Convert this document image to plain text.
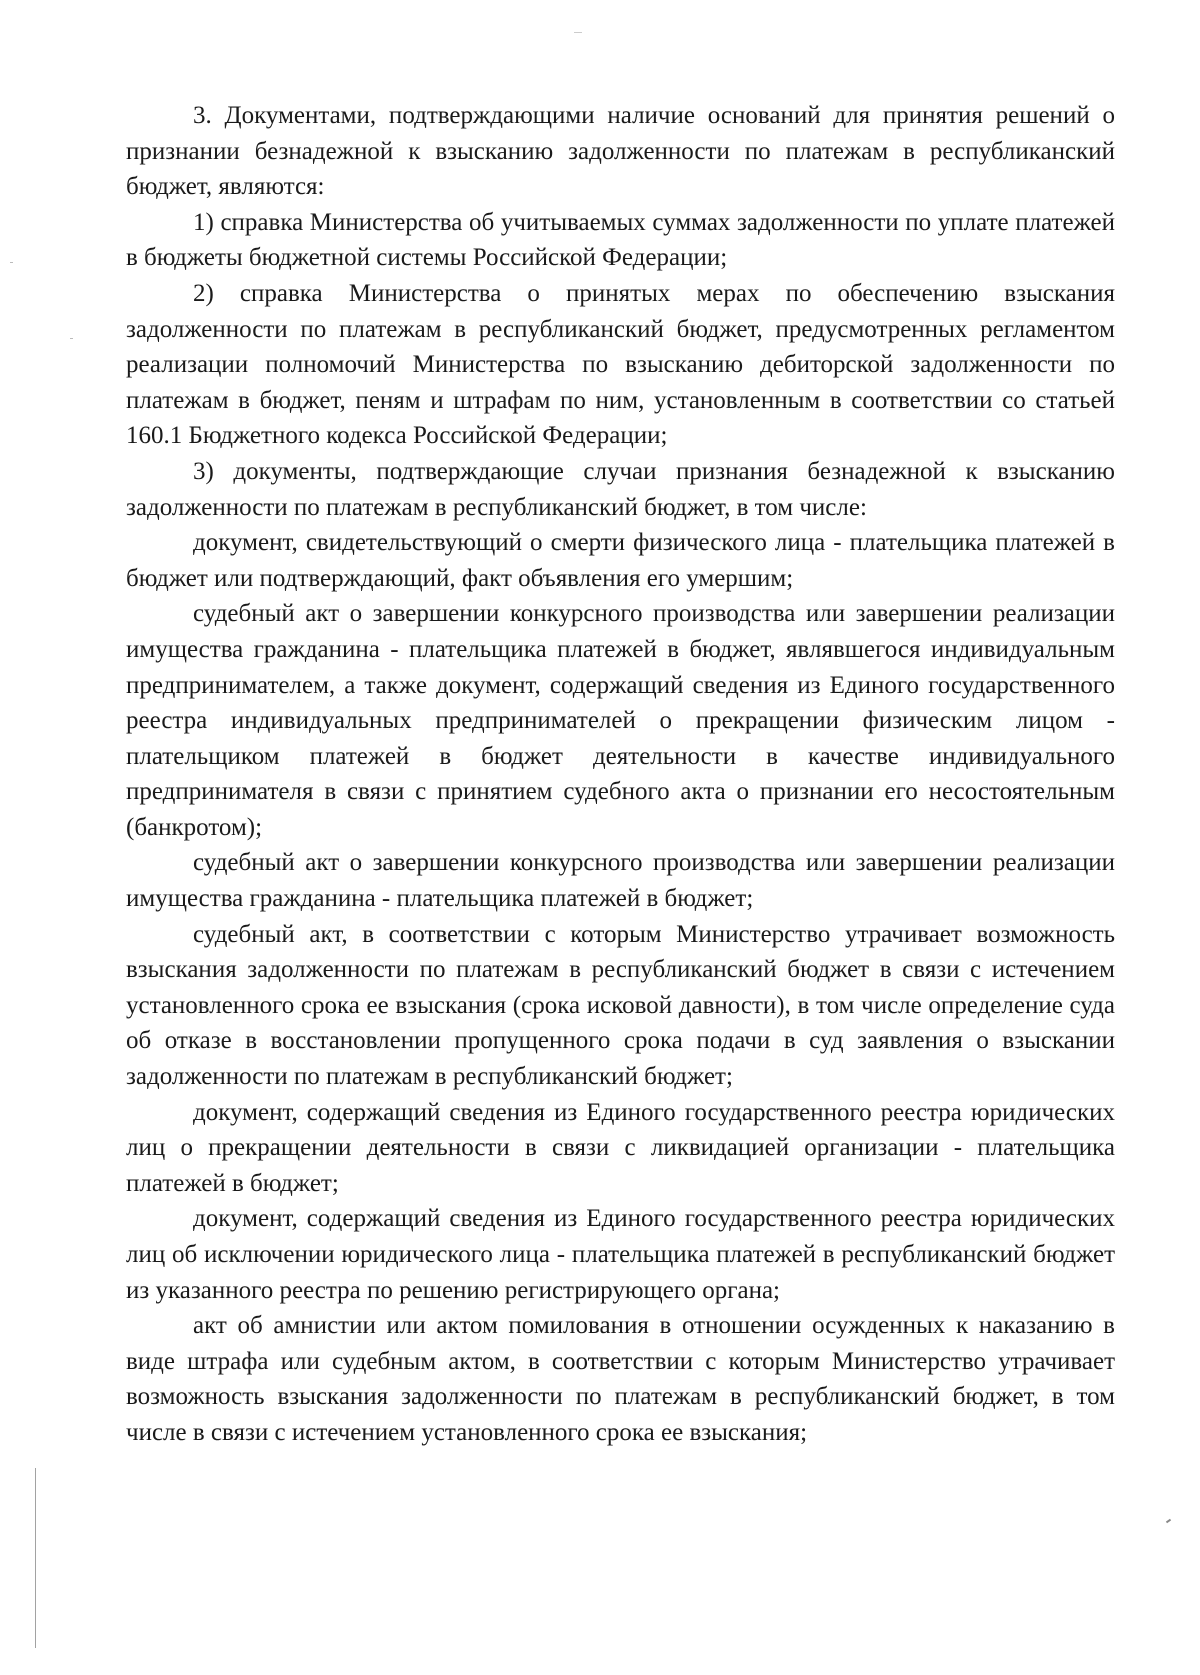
3. Документами, подтверждающими наличие оснований для принятия решений о признании безнадежной к взысканию задолженности по платежам в республиканский бюджет, являются:

1) справка Министерства об учитываемых суммах задолженности по уплате платежей в бюджеты бюджетной системы Российской Федерации;

2) справка Министерства о принятых мерах по обеспечению взыскания задолженности по платежам в республиканский бюджет, предусмотренных регламентом реализации полномочий Министерства по взысканию дебиторской задолженности по платежам в бюджет, пеням и штрафам по ним, установленным в соответствии со статьей 160.1 Бюджетного кодекса Российской Федерации;

3) документы, подтверждающие случаи признания безнадежной к взысканию задолженности по платежам в республиканский бюджет, в том числе:

документ, свидетельствующий о смерти физического лица - плательщика платежей в бюджет или подтверждающий, факт объявления его умершим;

судебный акт о завершении конкурсного производства или завершении реализации имущества гражданина - плательщика платежей в бюджет, являвшегося индивидуальным предпринимателем, а также документ, содержащий сведения из Единого государственного реестра индивидуальных предпринимателей о прекращении физическим лицом - плательщиком платежей в бюджет деятельности в качестве индивидуального предпринимателя в связи с принятием судебного акта о признании его несостоятельным (банкротом);

судебный акт о завершении конкурсного производства или завершении реализации имущества гражданина - плательщика платежей в бюджет;

судебный акт, в соответствии с которым Министерство утрачивает возможность взыскания задолженности по платежам в республиканский бюджет в связи с истечением установленного срока ее взыскания (срока исковой давности), в том числе определение суда об отказе в восстановлении пропущенного срока подачи в суд заявления о взыскании задолженности по платежам в республиканский бюджет;

документ, содержащий сведения из Единого государственного реестра юридических лиц о прекращении деятельности в связи с ликвидацией организации - плательщика платежей в бюджет;

документ, содержащий сведения из Единого государственного реестра юридических лиц об исключении юридического лица - плательщика платежей в республиканский бюджет из указанного реестра по решению регистрирующего органа;

акт об амнистии или актом помилования в отношении осужденных к наказанию в виде штрафа или судебным актом, в соответствии с которым Министерство утрачивает возможность взыскания задолженности по платежам в республиканский бюджет, в том числе в связи с истечением установленного срока ее взыскания;
